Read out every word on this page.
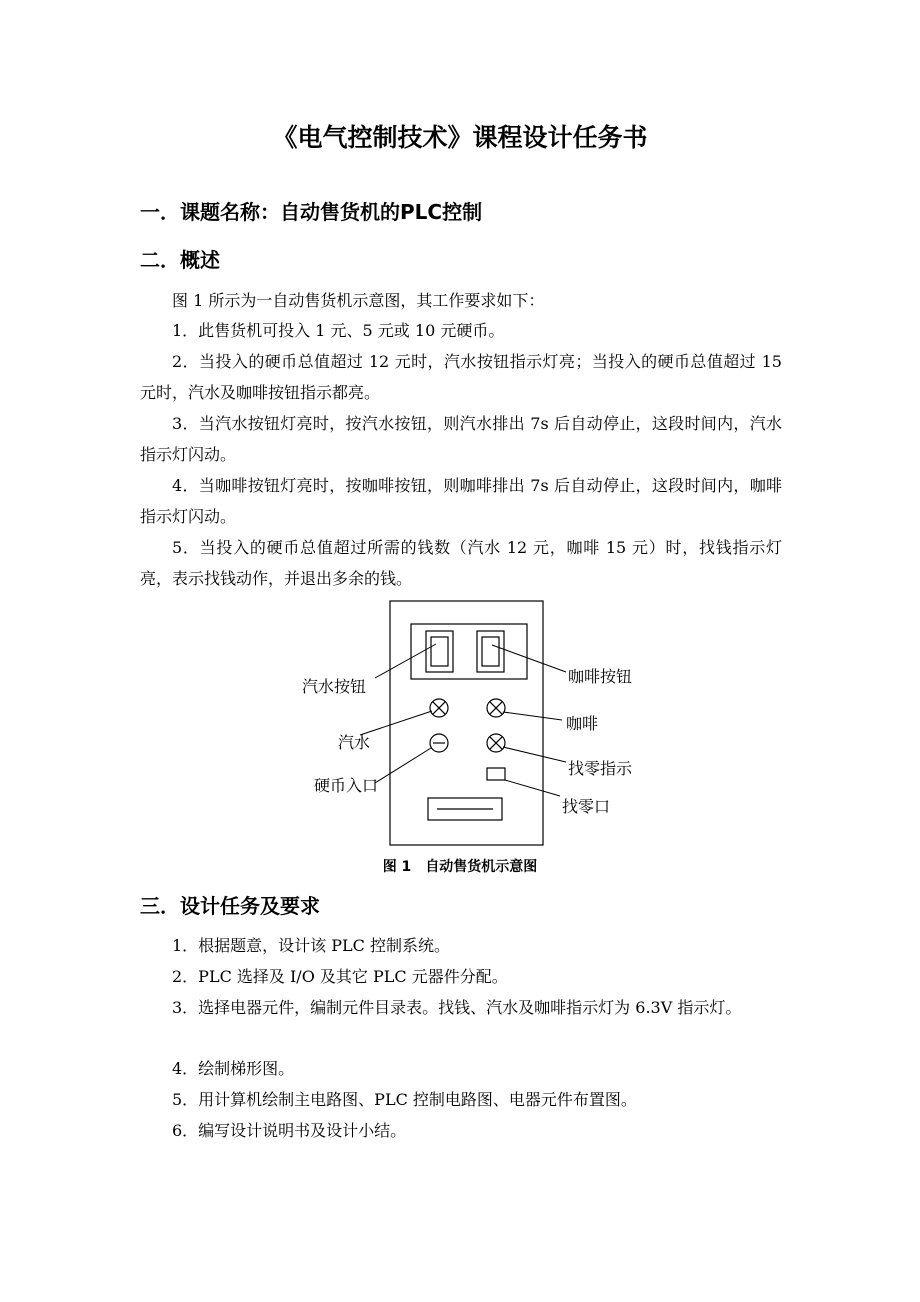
《电气控制技术》课程设计任务书
一．课题名称：自动售货机的PLC控制
二．概述
图 1 所示为一自动售货机示意图，其工作要求如下：
1．此售货机可投入 1 元、5 元或 10 元硬币。
2．当投入的硬币总值超过 12 元时，汽水按钮指示灯亮；当投入的硬币总值超过 15 元时，汽水及咖啡按钮指示都亮。
3．当汽水按钮灯亮时，按汽水按钮，则汽水排出 7s 后自动停止，这段时间内，汽水指示灯闪动。
4．当咖啡按钮灯亮时，按咖啡按钮，则咖啡排出 7s 后自动停止，这段时间内，咖啡指示灯闪动。
5．当投入的硬币总值超过所需的钱数（汽水 12 元，咖啡 15 元）时，找钱指示灯亮，表示找钱动作，并退出多余的钱。
汽水按钮
咖啡按钮
汽水
咖啡
硬币入口
找零指示
找零口
图 1 自动售货机示意图
三．设计任务及要求
1．根据题意，设计该 PLC 控制系统。
2．PLC 选择及 I/O 及其它 PLC 元器件分配。
3．选择电器元件，编制元件目录表。找钱、汽水及咖啡指示灯为 6.3V 指示灯。
4．绘制梯形图。
5．用计算机绘制主电路图、PLC 控制电路图、电器元件布置图。
6．编写设计说明书及设计小结。
